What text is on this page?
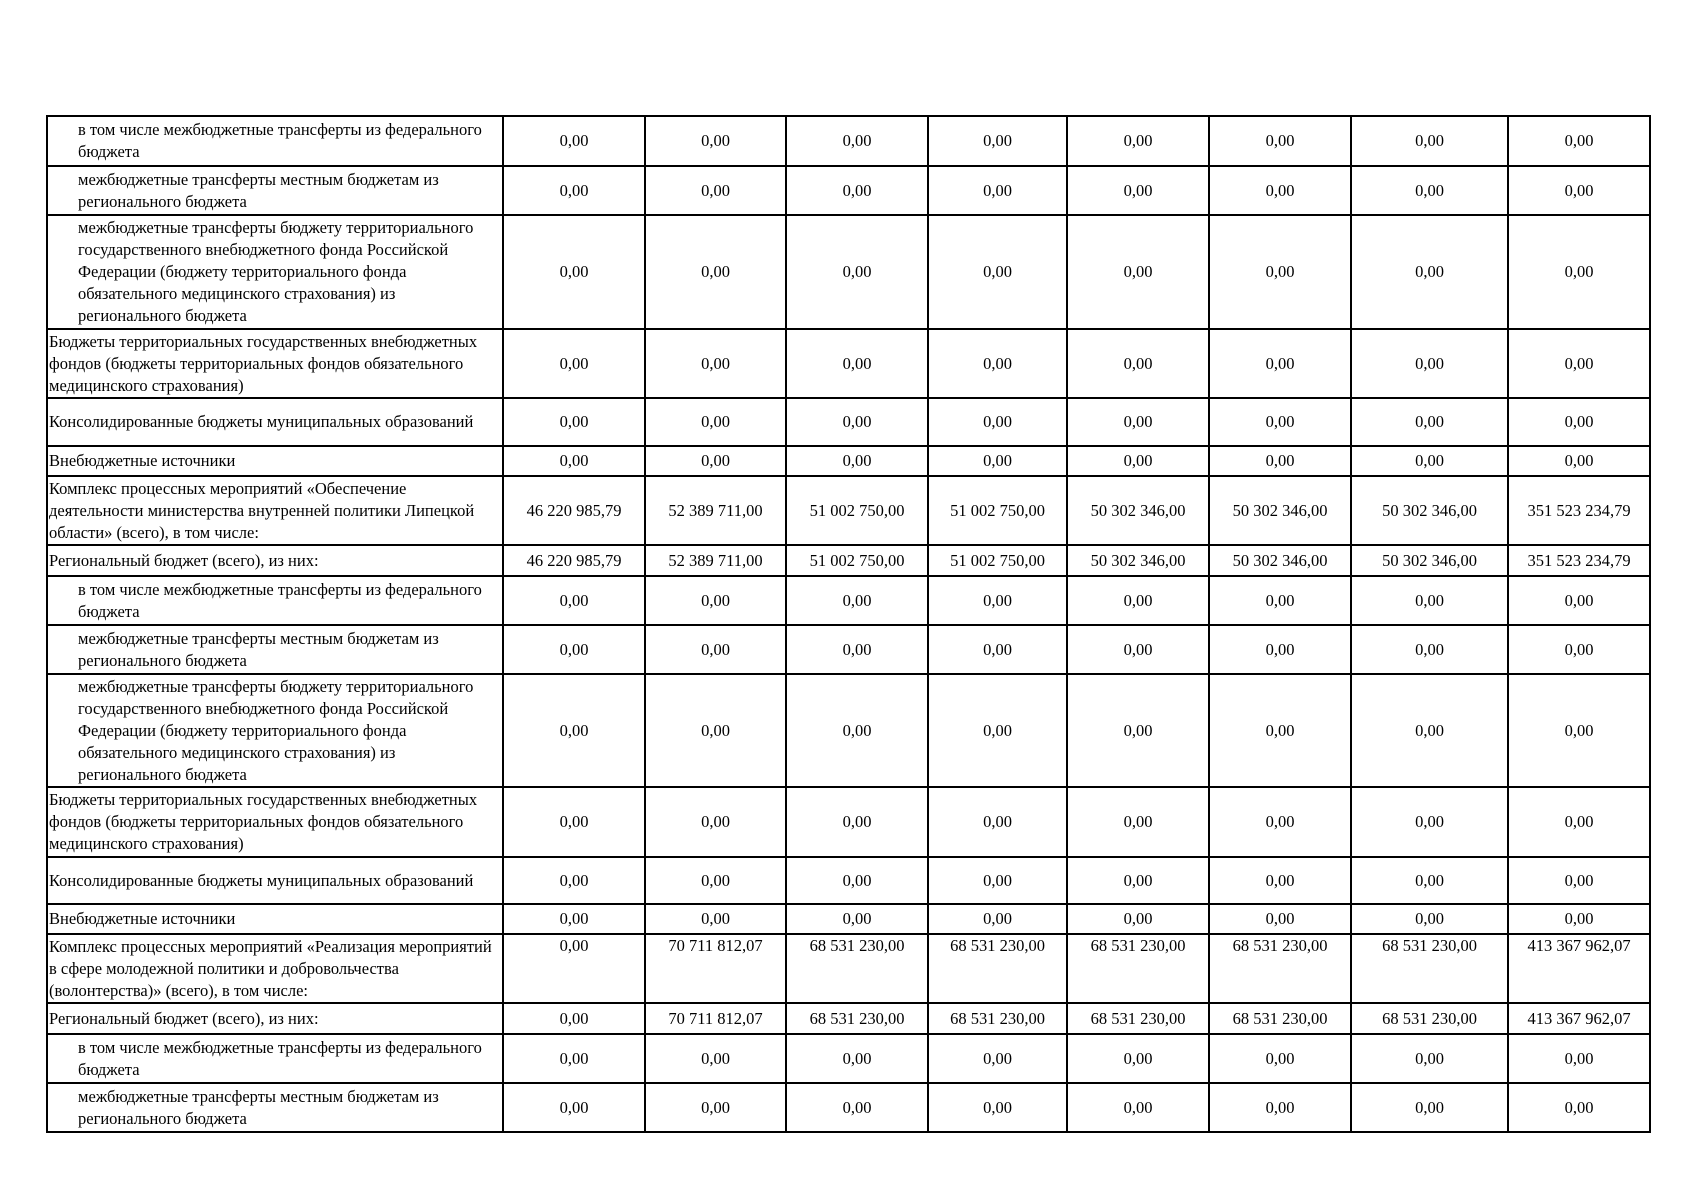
в том числе межбюджетные трансферты из федерального бюджета	0,00	0,00	0,00	0,00	0,00	0,00	0,00	0,00
межбюджетные трансферты местным бюджетам из регионального бюджета	0,00	0,00	0,00	0,00	0,00	0,00	0,00	0,00
межбюджетные трансферты бюджету территориального государственного внебюджетного фонда Российской Федерации (бюджету территориального фонда обязательного медицинского страхования) из регионального бюджета	0,00	0,00	0,00	0,00	0,00	0,00	0,00	0,00
Бюджеты территориальных государственных внебюджетных фондов (бюджеты территориальных фондов обязательного медицинского страхования)	0,00	0,00	0,00	0,00	0,00	0,00	0,00	0,00
Консолидированные бюджеты муниципальных образований	0,00	0,00	0,00	0,00	0,00	0,00	0,00	0,00
Внебюджетные источники	0,00	0,00	0,00	0,00	0,00	0,00	0,00	0,00
Комплекс процессных мероприятий «Обеспечение деятельности министерства внутренней политики Липецкой области» (всего), в том числе:	46 220 985,79	52 389 711,00	51 002 750,00	51 002 750,00	50 302 346,00	50 302 346,00	50 302 346,00	351 523 234,79
Региональный бюджет (всего), из них:	46 220 985,79	52 389 711,00	51 002 750,00	51 002 750,00	50 302 346,00	50 302 346,00	50 302 346,00	351 523 234,79
в том числе межбюджетные трансферты из федерального бюджета	0,00	0,00	0,00	0,00	0,00	0,00	0,00	0,00
межбюджетные трансферты местным бюджетам из регионального бюджета	0,00	0,00	0,00	0,00	0,00	0,00	0,00	0,00
межбюджетные трансферты бюджету территориального государственного внебюджетного фонда Российской Федерации (бюджету территориального фонда обязательного медицинского страхования) из регионального бюджета	0,00	0,00	0,00	0,00	0,00	0,00	0,00	0,00
Бюджеты территориальных государственных внебюджетных фондов (бюджеты территориальных фондов обязательного медицинского страхования)	0,00	0,00	0,00	0,00	0,00	0,00	0,00	0,00
Консолидированные бюджеты муниципальных образований	0,00	0,00	0,00	0,00	0,00	0,00	0,00	0,00
Внебюджетные источники	0,00	0,00	0,00	0,00	0,00	0,00	0,00	0,00
Комплекс процессных мероприятий «Реализация мероприятий в сфере молодежной политики и добровольчества (волонтерства)» (всего), в том числе:	0,00	70 711 812,07	68 531 230,00	68 531 230,00	68 531 230,00	68 531 230,00	68 531 230,00	413 367 962,07
Региональный бюджет (всего), из них:	0,00	70 711 812,07	68 531 230,00	68 531 230,00	68 531 230,00	68 531 230,00	68 531 230,00	413 367 962,07
в том числе межбюджетные трансферты из федерального бюджета	0,00	0,00	0,00	0,00	0,00	0,00	0,00	0,00
межбюджетные трансферты местным бюджетам из регионального бюджета	0,00	0,00	0,00	0,00	0,00	0,00	0,00	0,00
